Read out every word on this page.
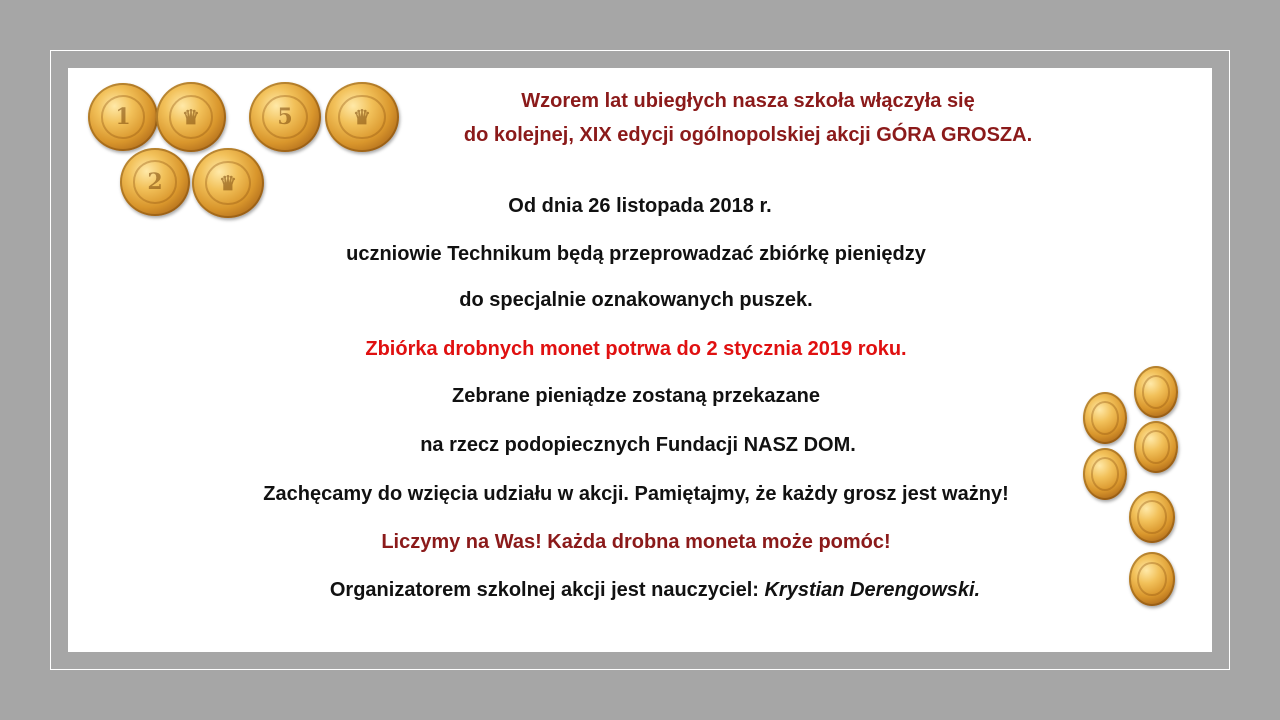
1	♛	5	♛
2	♛
Wzorem lat ubiegłych nasza szkoła włączyła się
do kolejnej, XIX edycji ogólnopolskiej akcji GÓRA GROSZA.
Od dnia 26 listopada 2018 r.
uczniowie Technikum będą przeprowadzać zbiórkę pieniędzy
do specjalnie oznakowanych puszek.
Zbiórka drobnych monet potrwa do 2 stycznia 2019 roku.
Zebrane pieniądze zostaną przekazane
na rzecz podopiecznych Fundacji NASZ DOM.
Zachęcamy do wzięcia udziału w akcji. Pamiętajmy, że każdy grosz jest ważny!
Liczymy na Was! Każda drobna moneta może pomóc!
Organizatorem szkolnej akcji jest nauczyciel: Krystian Derengowski.
